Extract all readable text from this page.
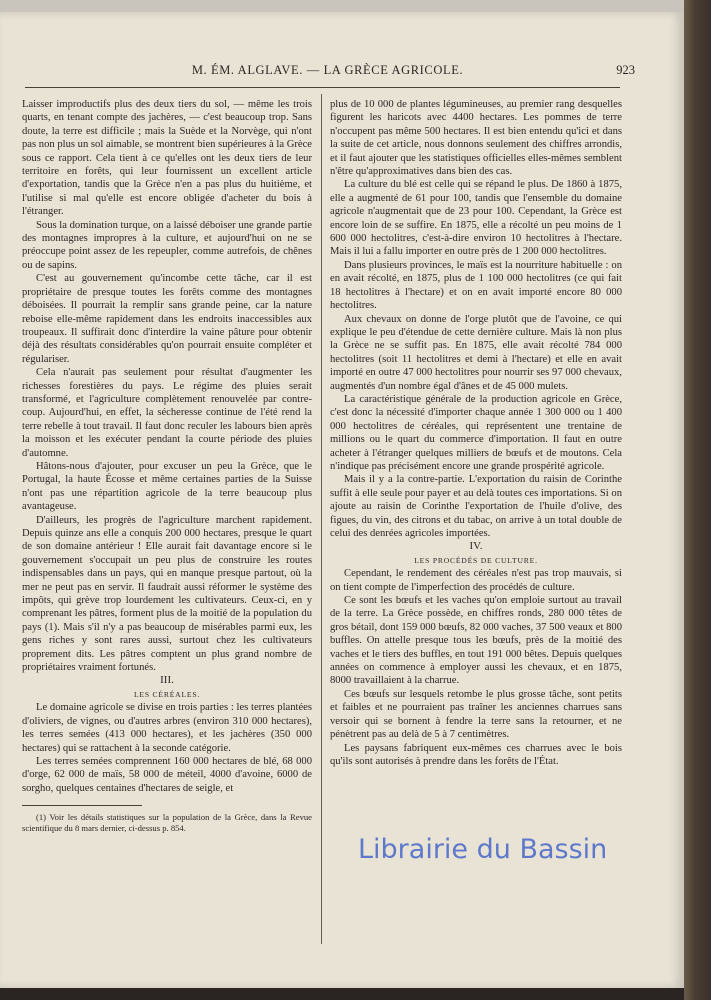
M. ÉM. ALGLAVE. — LA GRÈCE AGRICOLE.	923

Laisser improductifs plus des deux tiers du sol, — même les trois quarts, en tenant compte des jachères, — c'est beaucoup trop. Sans doute, la terre est difficile ; mais la Suède et la Norvège, qui n'ont pas non plus un sol aimable, se montrent bien supérieures à la Grèce sous ce rapport. Cela tient à ce qu'elles ont les deux tiers de leur territoire en forêts, qui leur fournissent un excellent article d'exportation, tandis que la Grèce n'en a pas plus du huitième, et l'utilise si mal qu'elle est encore obligée d'acheter du bois à l'étranger.

Sous la domination turque, on a laissé déboiser une grande partie des montagnes impropres à la culture, et aujourd'hui on ne se préoccupe point assez de les repeupler, comme autrefois, de chênes ou de sapins.

C'est au gouvernement qu'incombe cette tâche, car il est propriétaire de presque toutes les forêts comme des montagnes déboisées. Il pourrait la remplir sans grande peine, car la nature reboise elle-même rapidement dans les endroits inaccessibles aux troupeaux. Il suffirait donc d'interdire la vaine pâture pour obtenir déjà des résultats considérables qu'on pourrait ensuite compléter et régulariser.

Cela n'aurait pas seulement pour résultat d'augmenter les richesses forestières du pays. Le régime des pluies serait transformé, et l'agriculture complètement renouvelée par contre-coup. Aujourd'hui, en effet, la sécheresse continue de l'été rend la terre rebelle à tout travail. Il faut donc reculer les labours bien après la moisson et les exécuter pendant la courte période des pluies d'automne.

Hâtons-nous d'ajouter, pour excuser un peu la Grèce, que le Portugal, la haute Écosse et même certaines parties de la Suisse n'ont pas une répartition agricole de la terre beaucoup plus avantageuse.

D'ailleurs, les progrès de l'agriculture marchent rapidement. Depuis quinze ans elle a conquis 200 000 hectares, presque le quart de son domaine antérieur ! Elle aurait fait davantage encore si le gouvernement s'occupait un peu plus de construire les routes indispensables dans un pays, qui en manque presque partout, où la mer ne peut pas en servir. Il faudrait aussi réformer le système des impôts, qui grève trop lourdement les cultivateurs. Ceux-ci, en y comprenant les pâtres, forment plus de la moitié de la population du pays (1). Mais s'il n'y a pas beaucoup de misérables parmi eux, les gens riches y sont rares aussi, surtout chez les cultivateurs proprement dits. Les pâtres comptent un plus grand nombre de propriétaires vraiment fortunés.

III.

LES CÉRÉALES.

Le domaine agricole se divise en trois parties : les terres plantées d'oliviers, de vignes, ou d'autres arbres (environ 310 000 hectares), les terres semées (413 000 hectares), et les jachères (350 000 hectares) qui se rattachent à la seconde catégorie.

Les terres semées comprennent 160 000 hectares de blé, 68 000 d'orge, 62 000 de maïs, 58 000 de méteil, 4000 d'avoine, 6000 de sorgho, quelques centaines d'hectares de seigle, et

(1) Voir les détails statistiques sur la population de la Grèce, dans la Revue scientifique du 8 mars dernier, ci-dessus p. 854.

plus de 10 000 de plantes légumineuses, au premier rang desquelles figurent les haricots avec 4400 hectares. Les pommes de terre n'occupent pas même 500 hectares. Il est bien entendu qu'ici et dans la suite de cet article, nous donnons seulement des chiffres arrondis, et il faut ajouter que les statistiques officielles elles-mêmes semblent n'être qu'approximatives dans bien des cas.

La culture du blé est celle qui se répand le plus. De 1860 à 1875, elle a augmenté de 61 pour 100, tandis que l'ensemble du domaine agricole n'augmentait que de 23 pour 100. Cependant, la Grèce est encore loin de se suffire. En 1875, elle a récolté un peu moins de 1 600 000 hectolitres, c'est-à-dire environ 10 hectolitres à l'hectare. Mais il lui a fallu importer en outre près de 1 200 000 hectolitres.

Dans plusieurs provinces, le maïs est la nourriture habituelle : on en avait récolté, en 1875, plus de 1 100 000 hectolitres (ce qui fait 18 hectolitres à l'hectare) et on en avait importé encore 80 000 hectolitres.

Aux chevaux on donne de l'orge plutôt que de l'avoine, ce qui explique le peu d'étendue de cette dernière culture. Mais là non plus la Grèce ne se suffit pas. En 1875, elle avait récolté 784 000 hectolitres (soit 11 hectolitres et demi à l'hectare) et elle en avait importé en outre 47 000 hectolitres pour nourrir ses 97 000 chevaux, augmentés d'un nombre égal d'ânes et de 45 000 mulets.

La caractéristique générale de la production agricole en Grèce, c'est donc la nécessité d'importer chaque année 1 300 000 ou 1 400 000 hectolitres de céréales, qui représentent une trentaine de millions ou le quart du commerce d'importation. Il faut en outre acheter à l'étranger quelques milliers de bœufs et de moutons. Cela n'indique pas précisément encore une grande prospérité agricole.

Mais il y a la contre-partie. L'exportation du raisin de Corinthe suffit à elle seule pour payer et au delà toutes ces importations. Si on ajoute au raisin de Corinthe l'exportation de l'huile d'olive, des figues, du vin, des citrons et du tabac, on arrive à un total double de celui des denrées agricoles importées.

IV.

LES PROCÉDÉS DE CULTURE.

Cependant, le rendement des céréales n'est pas trop mauvais, si on tient compte de l'imperfection des procédés de culture.

Ce sont les bœufs et les vaches qu'on emploie surtout au travail de la terre. La Grèce possède, en chiffres ronds, 280 000 têtes de gros bétail, dont 159 000 bœufs, 82 000 vaches, 37 500 veaux et 800 buffles. On attelle presque tous les bœufs, près de la moitié des vaches et le tiers des buffles, en tout 191 000 bêtes. Depuis quelques années on commence à employer aussi les chevaux, et en 1875, 8000 travaillaient à la charrue.

Ces bœufs sur lesquels retombe le plus grosse tâche, sont petits et faibles et ne pourraient pas traîner les anciennes charrues sans versoir qui se bornent à fendre la terre sans la retourner, et ne pénètrent pas au delà de 5 à 7 centimètres.

Les paysans fabriquent eux-mêmes ces charrues avec le bois qu'ils sont autorisés à prendre dans les forêts de l'État.

Librairie du Bassin
